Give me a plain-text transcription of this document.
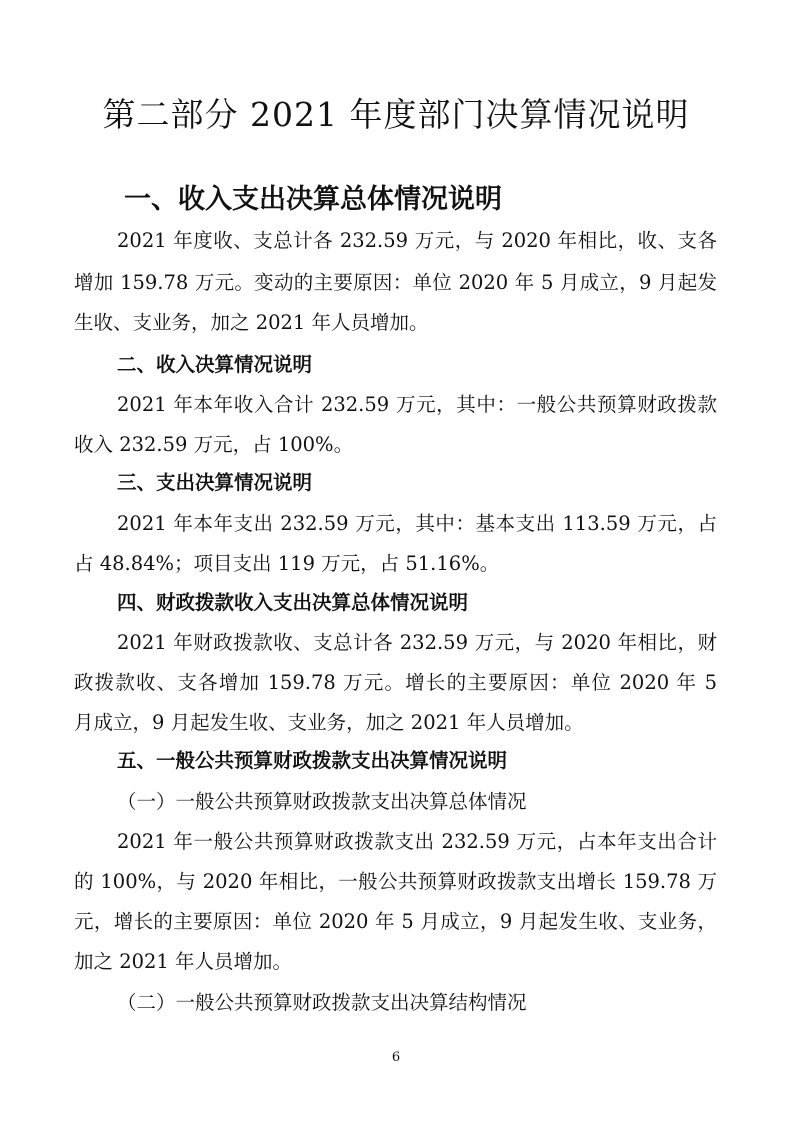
第二部分 2021 年度部门决算情况说明
一、收入支出决算总体情况说明
2021 年度收、支总计各 232.59 万元，与 2020 年相比，收、支各
增加 159.78 万元。变动的主要原因：单位 2020 年 5 月成立，9 月起发
生收、支业务，加之 2021 年人员增加。
二、收入决算情况说明
2021 年本年收入合计 232.59 万元，其中：一般公共预算财政拨款
收入 232.59 万元，占 100%。
三、支出决算情况说明
2021 年本年支出 232.59 万元，其中：基本支出 113.59 万元，占
占 48.84%；项目支出 119 万元，占 51.16%。
四、财政拨款收入支出决算总体情况说明
2021 年财政拨款收、支总计各 232.59 万元，与 2020 年相比，财
政拨款收、支各增加 159.78 万元。增长的主要原因：单位 2020 年 5
月成立，9 月起发生收、支业务，加之 2021 年人员增加。
五、一般公共预算财政拨款支出决算情况说明
（一）一般公共预算财政拨款支出决算总体情况
2021 年一般公共预算财政拨款支出 232.59 万元，占本年支出合计
的 100%，与 2020 年相比，一般公共预算财政拨款支出增长 159.78 万
元，增长的主要原因：单位 2020 年 5 月成立，9 月起发生收、支业务，
加之 2021 年人员增加。
（二）一般公共预算财政拨款支出决算结构情况
6
